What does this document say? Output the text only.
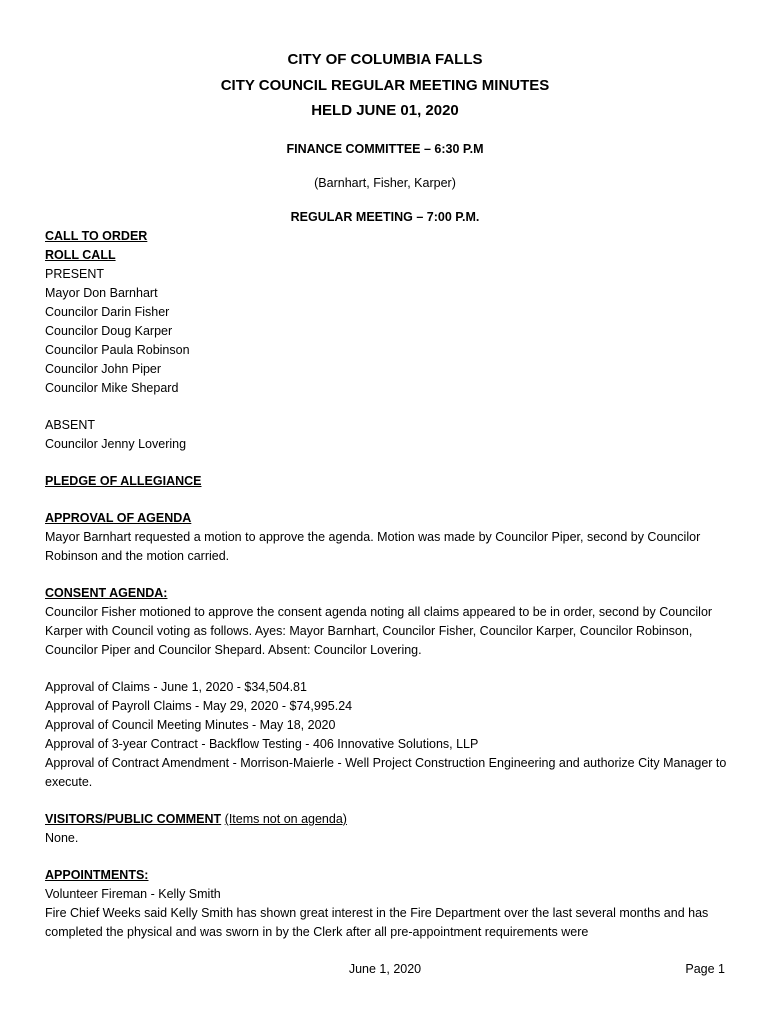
CITY OF COLUMBIA FALLS
CITY COUNCIL REGULAR MEETING MINUTES
HELD JUNE 01, 2020
FINANCE COMMITTEE – 6:30 P.M
(Barnhart, Fisher, Karper)
REGULAR MEETING – 7:00 P.M.
CALL TO ORDER
ROLL CALL
PRESENT
Mayor Don Barnhart
Councilor Darin Fisher
Councilor Doug Karper
Councilor Paula Robinson
Councilor John Piper
Councilor Mike Shepard
ABSENT
Councilor Jenny Lovering
PLEDGE OF ALLEGIANCE
APPROVAL OF AGENDA
Mayor Barnhart requested a motion to approve the agenda. Motion was made by Councilor Piper, second by Councilor Robinson and the motion carried.
CONSENT AGENDA:
Councilor Fisher motioned to approve the consent agenda noting all claims appeared to be in order, second by Councilor Karper with Council voting as follows. Ayes: Mayor Barnhart, Councilor Fisher, Councilor Karper, Councilor Robinson, Councilor Piper and Councilor Shepard. Absent: Councilor Lovering.
Approval of Claims - June 1, 2020 - $34,504.81
Approval of Payroll Claims - May 29, 2020 - $74,995.24
Approval of Council Meeting Minutes - May 18, 2020
Approval of 3-year Contract - Backflow Testing - 406 Innovative Solutions, LLP
Approval of Contract Amendment - Morrison-Maierle - Well Project Construction Engineering and authorize City Manager to execute.
VISITORS/PUBLIC COMMENT (Items not on agenda)
None.
APPOINTMENTS:
Volunteer Fireman - Kelly Smith
Fire Chief Weeks said Kelly Smith has shown great interest in the Fire Department over the last several months and has completed the physical and was sworn in by the Clerk after all pre-appointment requirements were
June 1, 2020	Page 1
